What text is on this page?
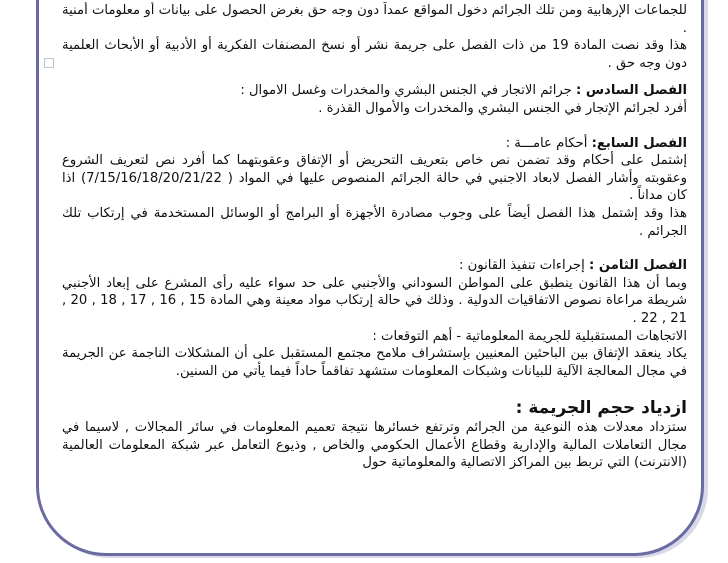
للجماعات الإرهابية ومن تلك الجرائم دخول المواقع عمداً دون وجه حق بغرض الحصول على بيانات أو معلومات أمنية .

هذا وقد نصت المادة 19 من ذات الفصل على جريمة نشر أو نسخ المصنفات الفكرية أو الأدبية أو الأبحاث العلمية دون وجه حق .

الفصل السادس : جرائم الاتجار في الجنس البشري والمخدرات وغسل الاموال :

أفرد لجرائم الإتجار في الجنس البشري والمخدرات والأموال القذرة .

الفصل السابع: أحكام عامـــة :

إشتمل على أحكام وقد تضمن نص خاص بتعريف التحريض أو الإتفاق وعقوبتهما كما أفرد نص لتعريف الشروع وعقوبته وأشار الفصل لابعاد الاجنبي في حالة الجرائم المنصوص عليها في المواد ( 7/15/16/18/20/21/22) اذا كان مداناً .

هذا وقد إشتمل هذا الفصل أيضاً على وجوب مصادرة الأجهزة أو البرامج أو الوسائل المستخدمة في إرتكاب تلك الجرائم .

الفصل الثامن : إجراءات تنفيذ القانون :

وبما أن هذا القانون ينطبق على المواطن السوداني والأجنبي على حد سواء عليه رأى المشرع على إبعاد الأجنبي شريطة مراعاة نصوص الاتفاقيات الدولية . وذلك في حالة إرتكاب مواد معينة وهي المادة 15 , 16 , 17 , 18 , 20 , 21 , 22 .

الاتجاهات المستقبلية للجريمة المعلوماتية - أهم التوقعات :

يكاد ينعقد الإتفاق بين الباحثين المعنيين بإستشراف ملامح مجتمع المستقبل على أن المشكلات الناجمة عن الجريمة في مجال المعالجة الآلية للبيانات وشبكات المعلومات ستشهد تفاقماً حاداً فيما يأتي من السنين.

ازدياد حجم الجريمة :

ستزداد معدلات هذه النوعية من الجرائم وترتفع خسائرها نتيجة تعميم المعلومات في سائر المجالات , لاسيما في مجال التعاملات المالية والإدارية وقطاع الأعمال الحكومي والخاص , وذيوع التعامل عبر شبكة المعلومات العالمية (الانترنت) التي تربط بين المراكز الاتصالية والمعلوماتية حول
